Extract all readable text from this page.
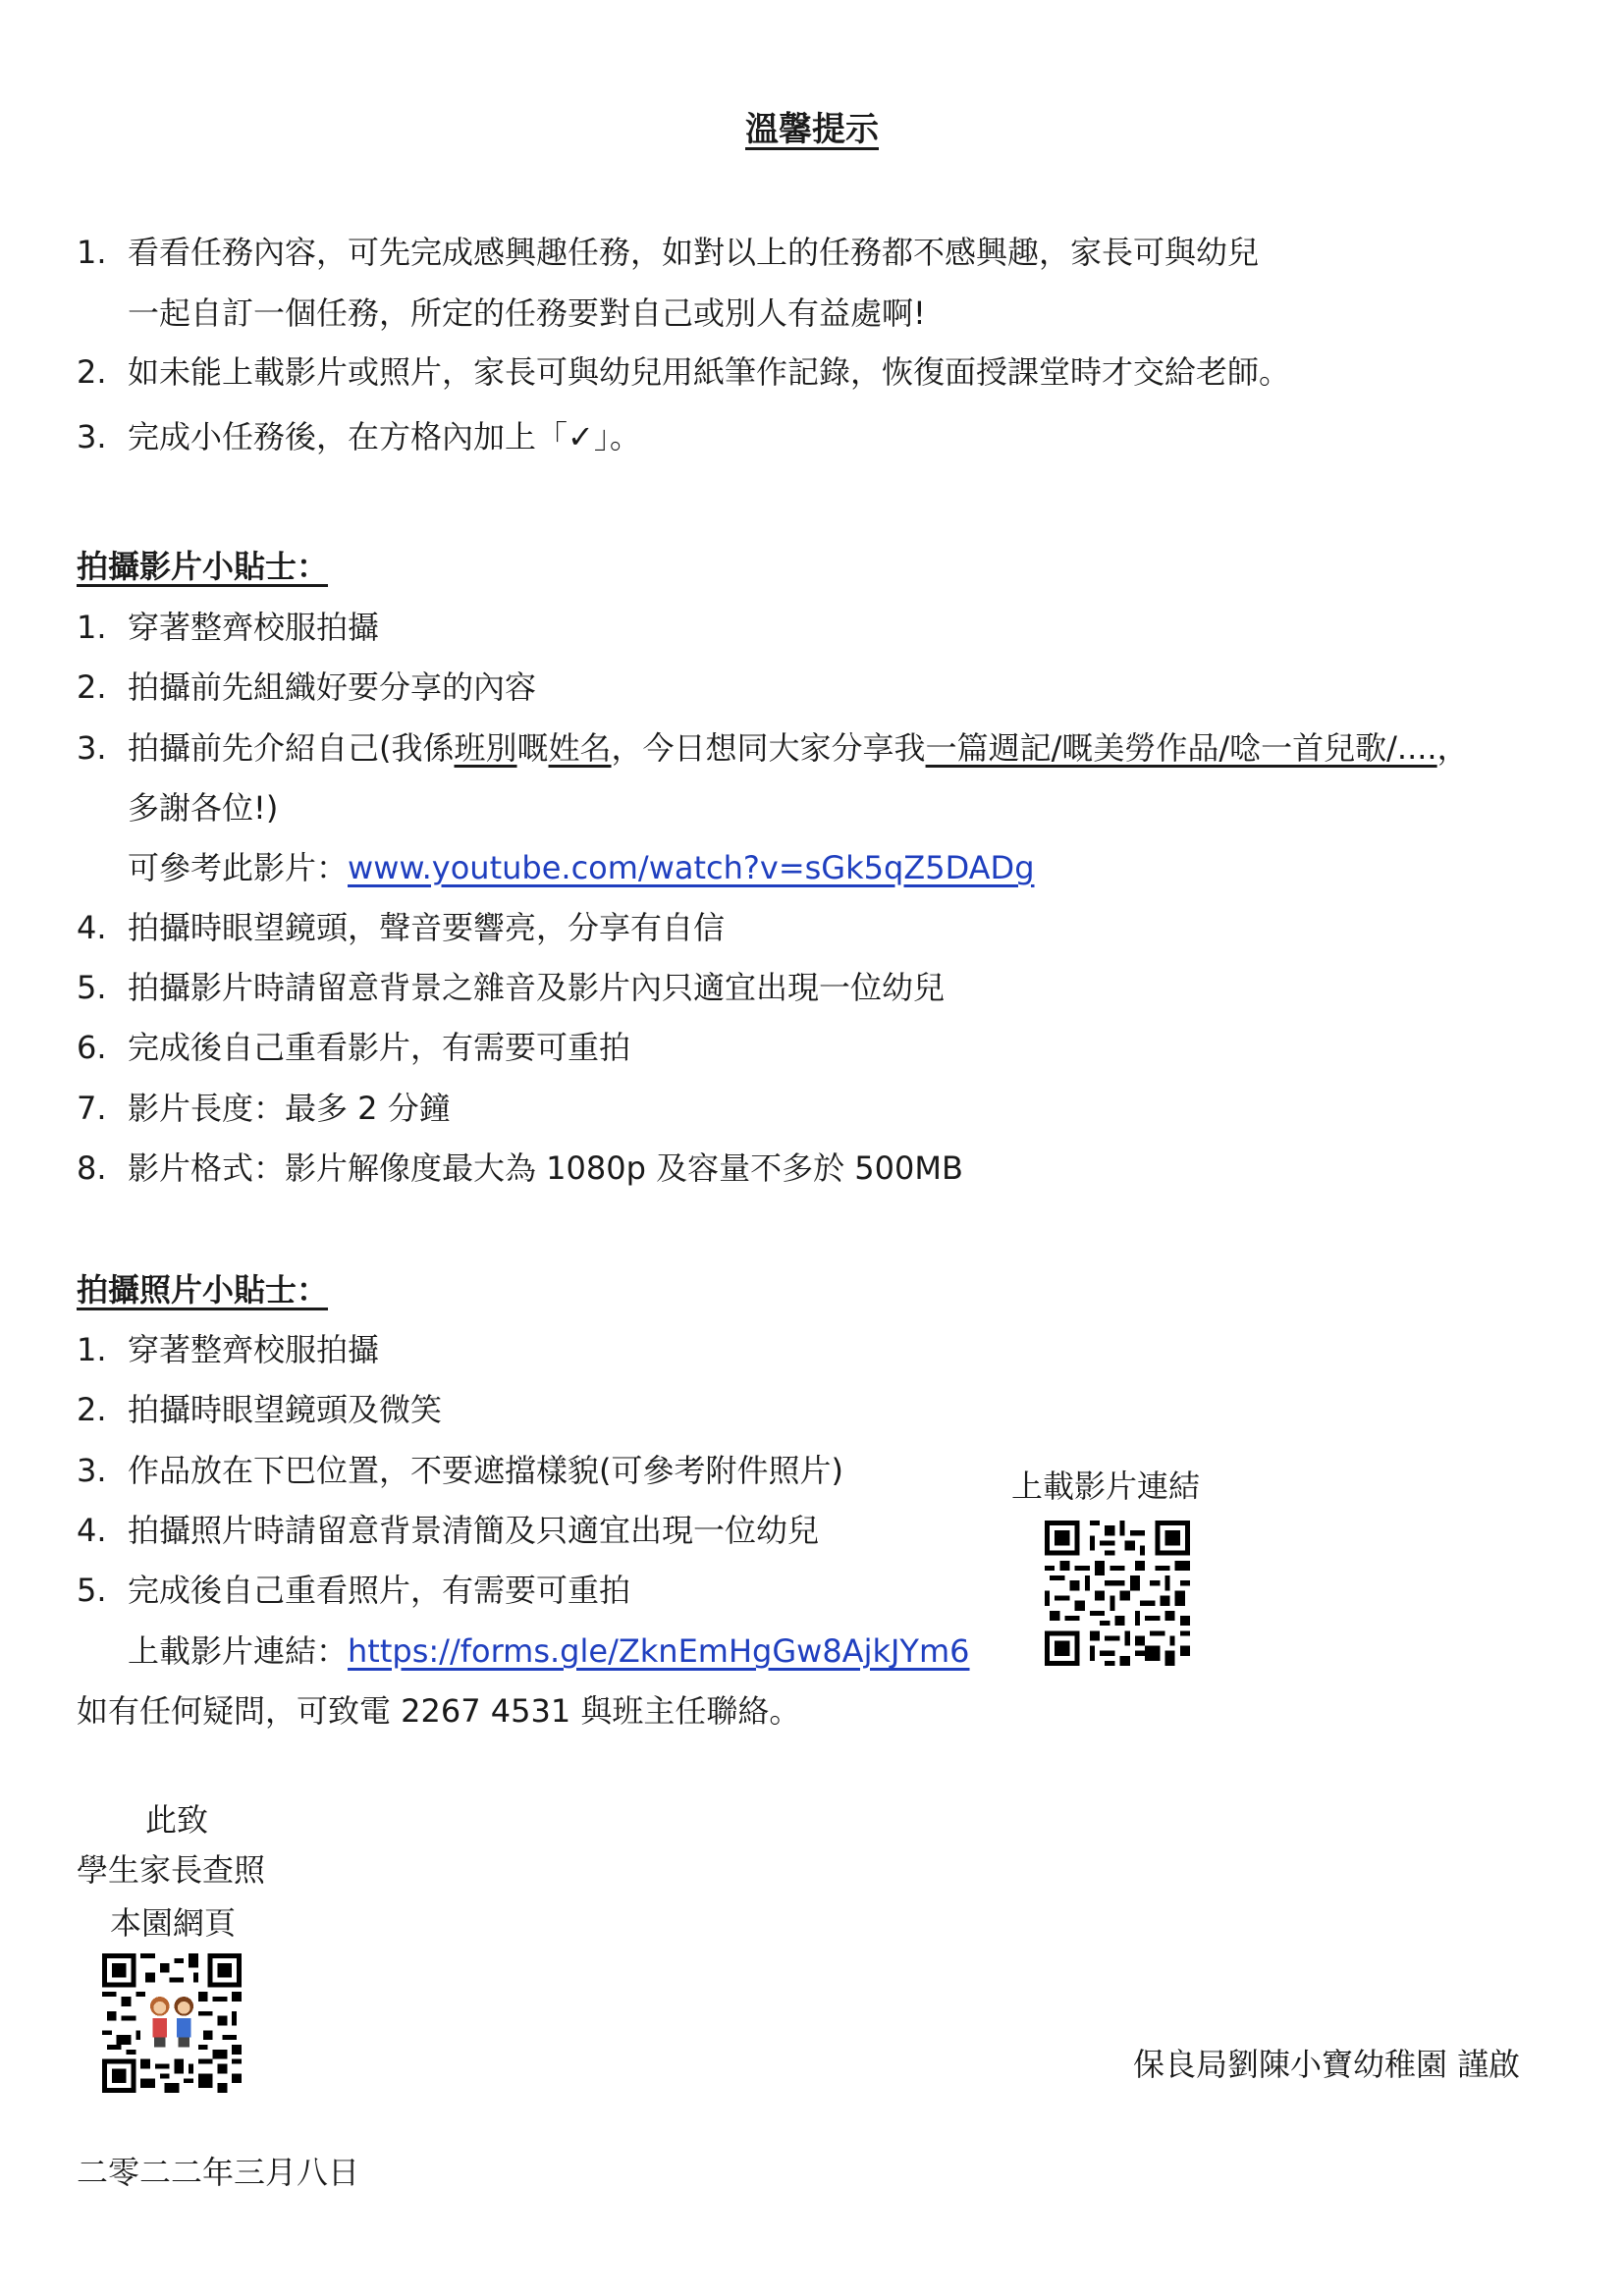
溫馨提示
1. 看看任務內容，可先完成感興趣任務，如對以上的任務都不感興趣，家長可與幼兒
一起自訂一個任務，所定的任務要對自己或別人有益處啊!
2. 如未能上載影片或照片，家長可與幼兒用紙筆作記錄，恢復面授課堂時才交給老師。
3. 完成小任務後，在方格內加上「✓」。
拍攝影片小貼士：
1. 穿著整齊校服拍攝
2. 拍攝前先組織好要分享的內容
3. 拍攝前先介紹自己(我係班別嘅姓名，今日想同大家分享我一篇週記/嘅美勞作品/唸一首兒歌/....，
多謝各位!)
可參考此影片：www.youtube.com/watch?v=sGk5qZ5DADg
4. 拍攝時眼望鏡頭，聲音要響亮，分享有自信
5. 拍攝影片時請留意背景之雜音及影片內只適宜出現一位幼兒
6. 完成後自己重看影片，有需要可重拍
7. 影片長度：最多 2 分鐘
8. 影片格式：影片解像度最大為 1080p 及容量不多於 500MB
拍攝照片小貼士：
1. 穿著整齊校服拍攝
2. 拍攝時眼望鏡頭及微笑
3. 作品放在下巴位置，不要遮擋樣貌(可參考附件照片)
4. 拍攝照片時請留意背景清簡及只適宜出現一位幼兒
5. 完成後自己重看照片，有需要可重拍
上載影片連結：https://forms.gle/ZknEmHgGw8AjkJYm6
如有任何疑問，可致電 2267 4531 與班主任聯絡。
上載影片連結
此致
學生家長查照
本園網頁
保良局劉陳小寶幼稚園 謹啟
二零二二年三月八日
